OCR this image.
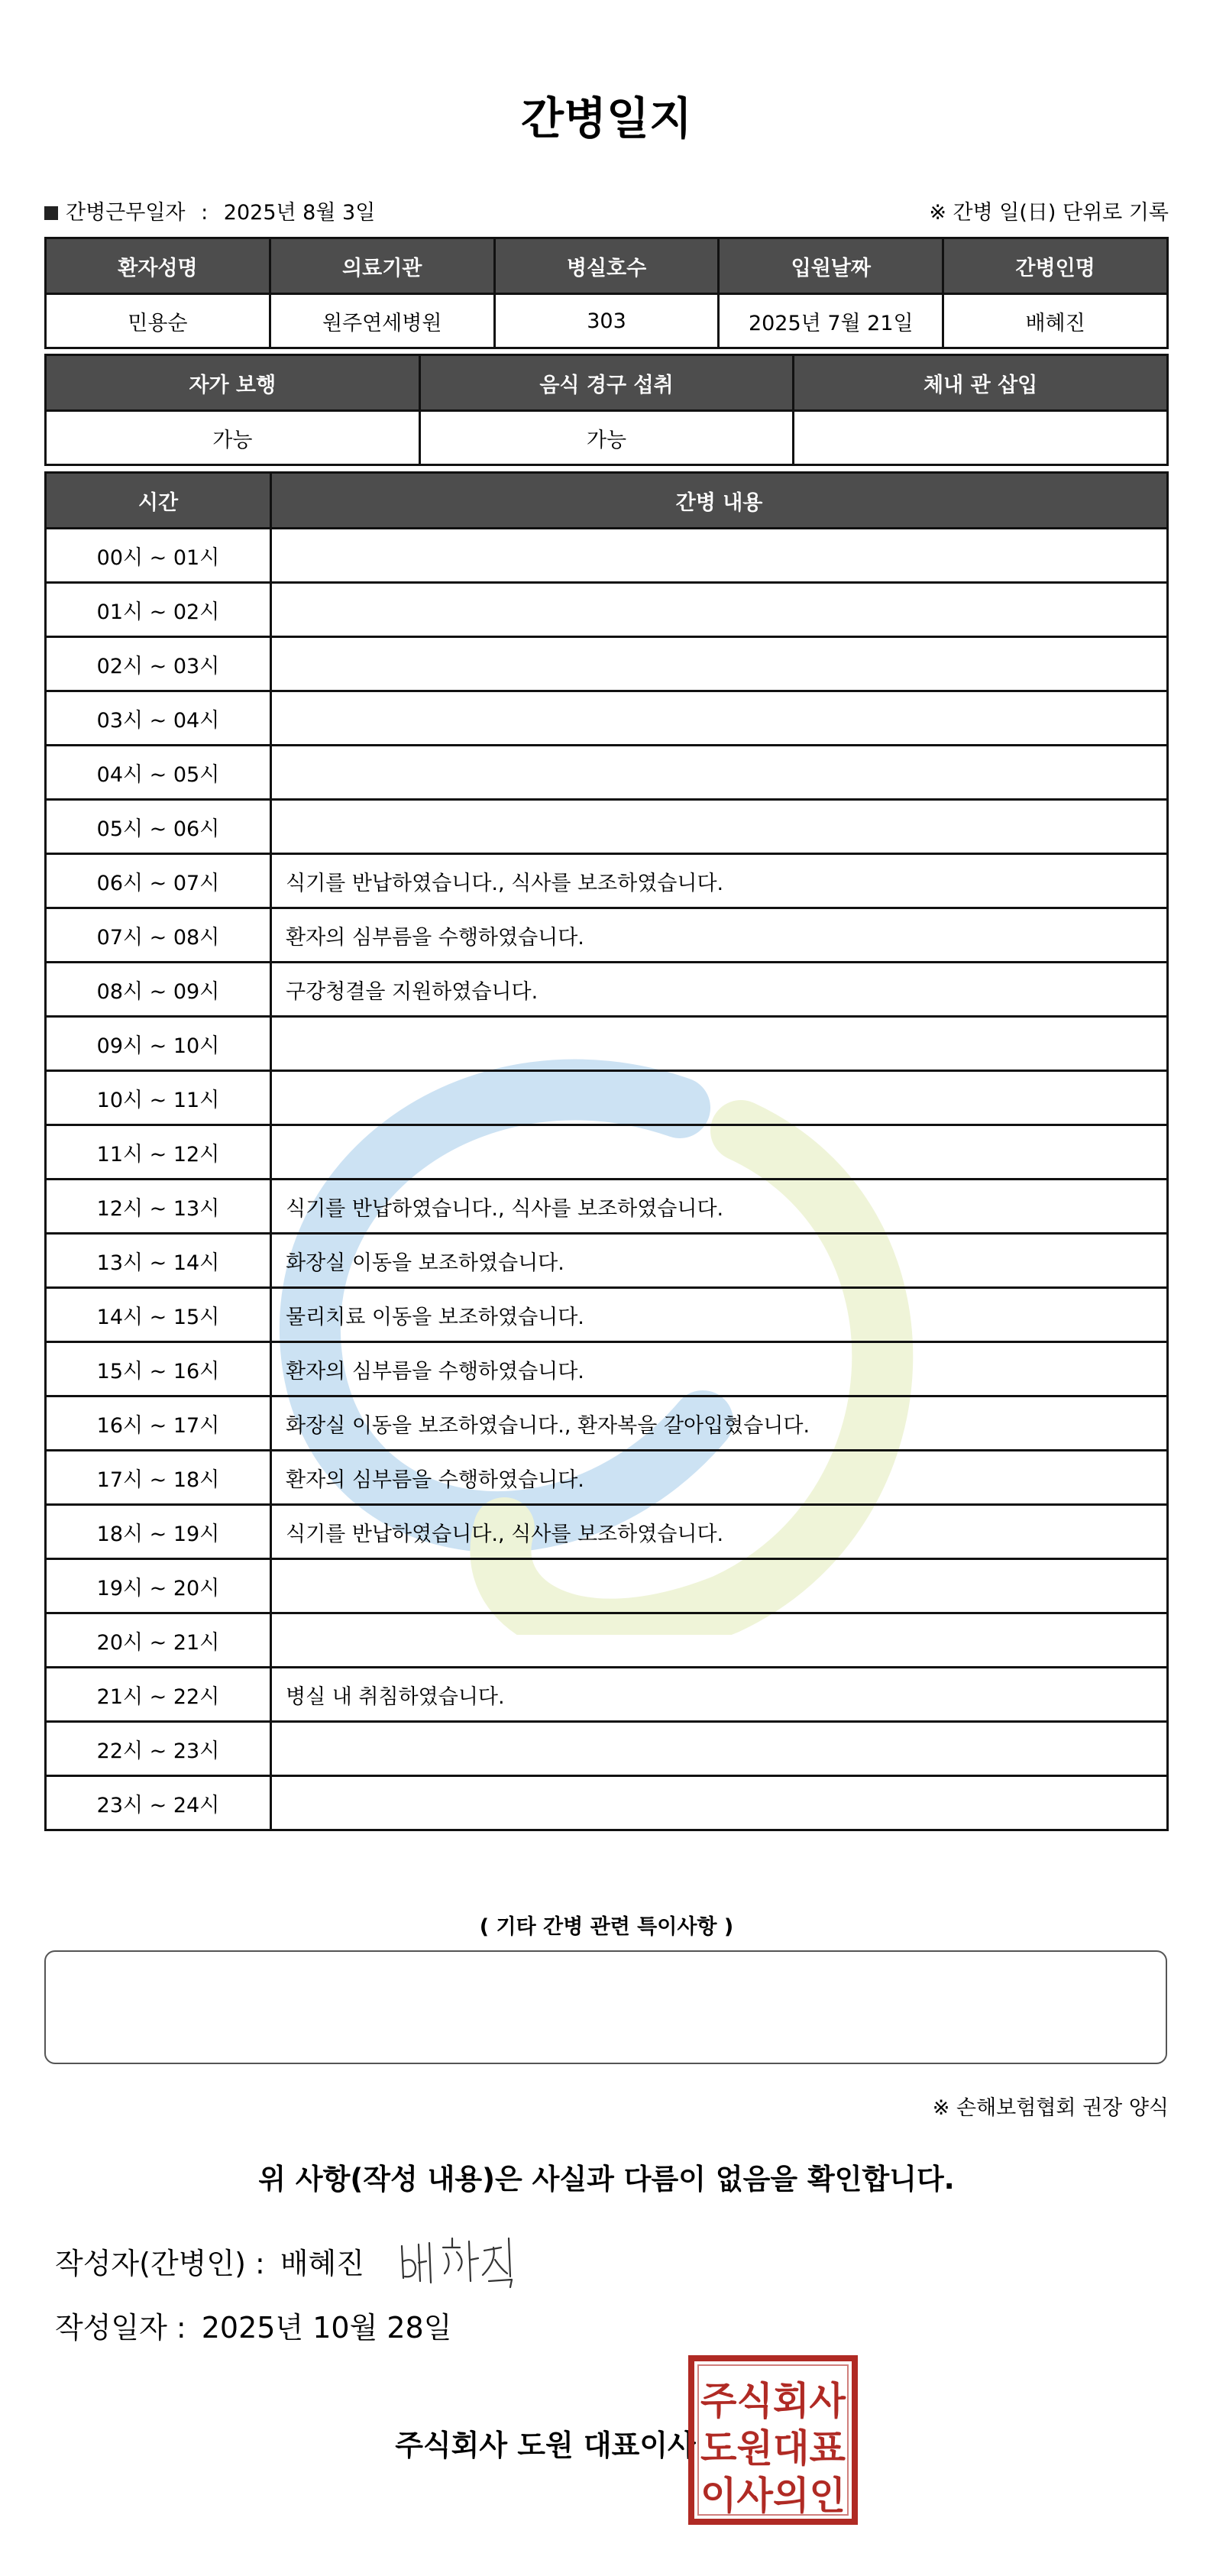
간병일지
간병근무일자 : 2025년 8월 3일	※ 간병 일(日) 단위로 기록
환자성명	의료기관	병실호수	입원날짜	간병인명
민용순	원주연세병원	303	2025년 7월 21일	배혜진
자가 보행	음식 경구 섭취	체내 관 삽입
가능	가능	
시간	간병 내용
00시 ~ 01시	
01시 ~ 02시	
02시 ~ 03시	
03시 ~ 04시	
04시 ~ 05시	
05시 ~ 06시	
06시 ~ 07시	식기를 반납하였습니다., 식사를 보조하였습니다.
07시 ~ 08시	환자의 심부름을 수행하였습니다.
08시 ~ 09시	구강청결을 지원하였습니다.
09시 ~ 10시	
10시 ~ 11시	
11시 ~ 12시	
12시 ~ 13시	식기를 반납하였습니다., 식사를 보조하였습니다.
13시 ~ 14시	화장실 이동을 보조하였습니다.
14시 ~ 15시	물리치료 이동을 보조하였습니다.
15시 ~ 16시	환자의 심부름을 수행하였습니다.
16시 ~ 17시	화장실 이동을 보조하였습니다., 환자복을 갈아입혔습니다.
17시 ~ 18시	환자의 심부름을 수행하였습니다.
18시 ~ 19시	식기를 반납하였습니다., 식사를 보조하였습니다.
19시 ~ 20시	
20시 ~ 21시	
21시 ~ 22시	병실 내 취침하였습니다.
22시 ~ 23시	
23시 ~ 24시	
( 기타 간병 관련 특이사항 )
※ 손해보험협회 권장 양식
위 사항(작성 내용)은 사실과 다름이 없음을 확인합니다.
작성자(간병인) : 배혜진
작성일자 : 2025년 10월 28일
주식회사 도원 대표이사
주식회사
도원대표
이사의인
